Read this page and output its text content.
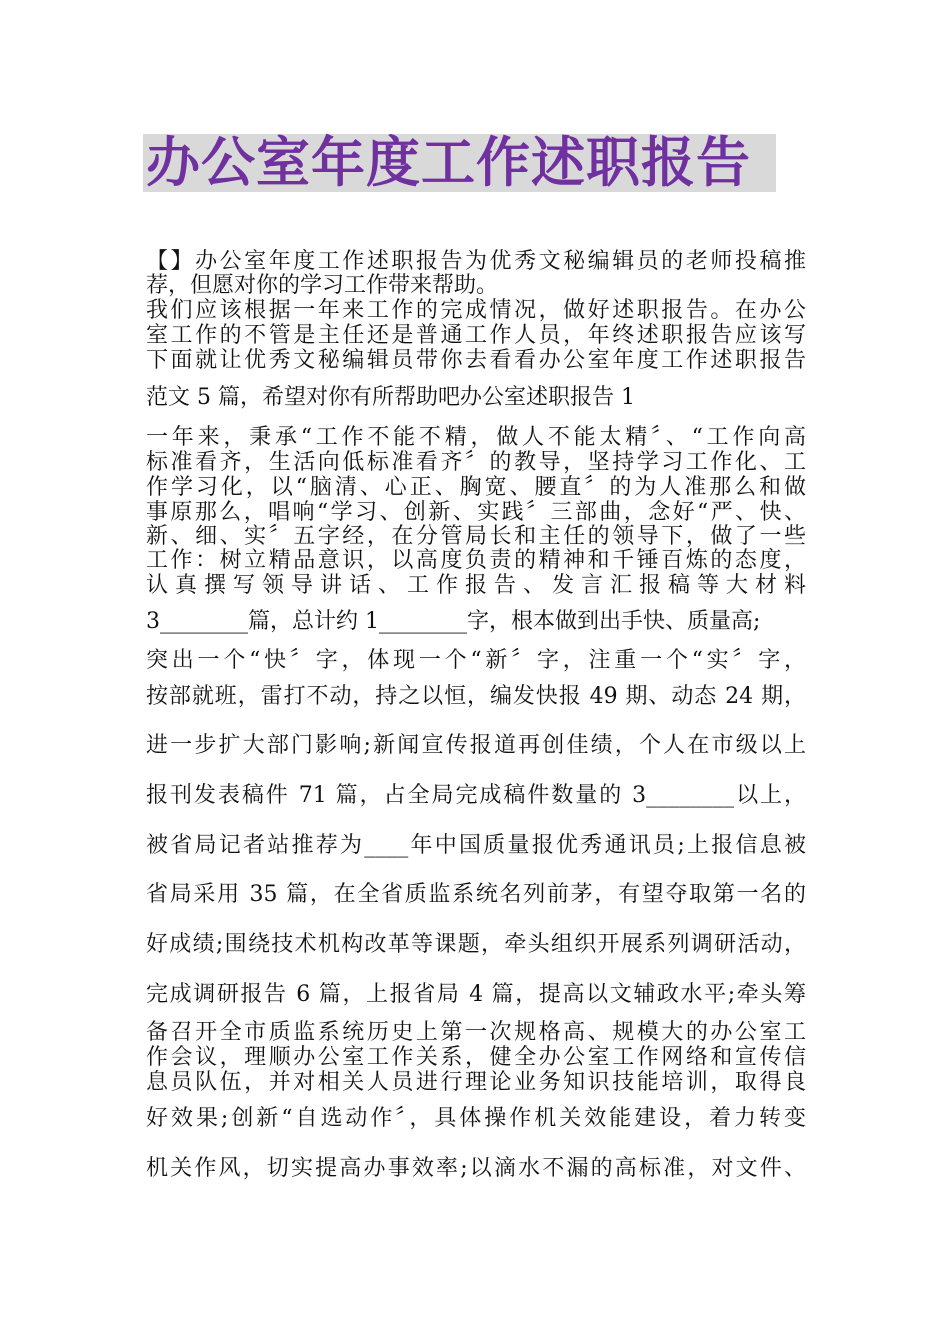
办公室年度工作述职报告

【】办公室年度工作述职报告为优秀文秘编辑员的老师投稿推

荐，但愿对你的学习工作带来帮助。

我们应该根据一年来工作的完成情况，做好述职报告。在办公

室工作的不管是主任还是普通工作人员，年终述职报告应该写

下面就让优秀文秘编辑员带你去看看办公室年度工作述职报告

范文 5 篇，希望对你有所帮助吧办公室述职报告 1

一年来，秉承“工作不能不精，做人不能太精〞、“工作向高

标准看齐，生活向低标准看齐〞的教导，坚持学习工作化、工

作学习化，以“脑清、心正、胸宽、腰直〞的为人准那么和做

事原那么，唱响“学习、创新、实践〞三部曲，念好“严、快、

新、细、实〞五字经，在分管局长和主任的领导下，做了一些

工作：树立精品意识，以高度负责的精神和千锤百炼的态度，

认真撰写领导讲话、工作报告、发言汇报稿等大材料

3________篇，总计约 1________字，根本做到出手快、质量高;

突出一个“快〞字，体现一个“新〞字，注重一个“实〞字，

按部就班，雷打不动，持之以恒，编发快报 49 期、动态 24 期，

进一步扩大部门影响;新闻宣传报道再创佳绩，个人在市级以上

报刊发表稿件 71 篇，占全局完成稿件数量的 3________以上，

被省局记者站推荐为____年中国质量报优秀通讯员;上报信息被

省局采用 35 篇，在全省质监系统名列前茅，有望夺取第一名的

好成绩;围绕技术机构改革等课题，牵头组织开展系列调研活动，

完成调研报告 6 篇，上报省局 4 篇，提高以文辅政水平;牵头筹

备召开全市质监系统历史上第一次规格高、规模大的办公室工

作会议，理顺办公室工作关系，健全办公室工作网络和宣传信

息员队伍，并对相关人员进行理论业务知识技能培训，取得良

好效果;创新“自选动作〞，具体操作机关效能建设，着力转变

机关作风，切实提高办事效率;以滴水不漏的高标准，对文件、
